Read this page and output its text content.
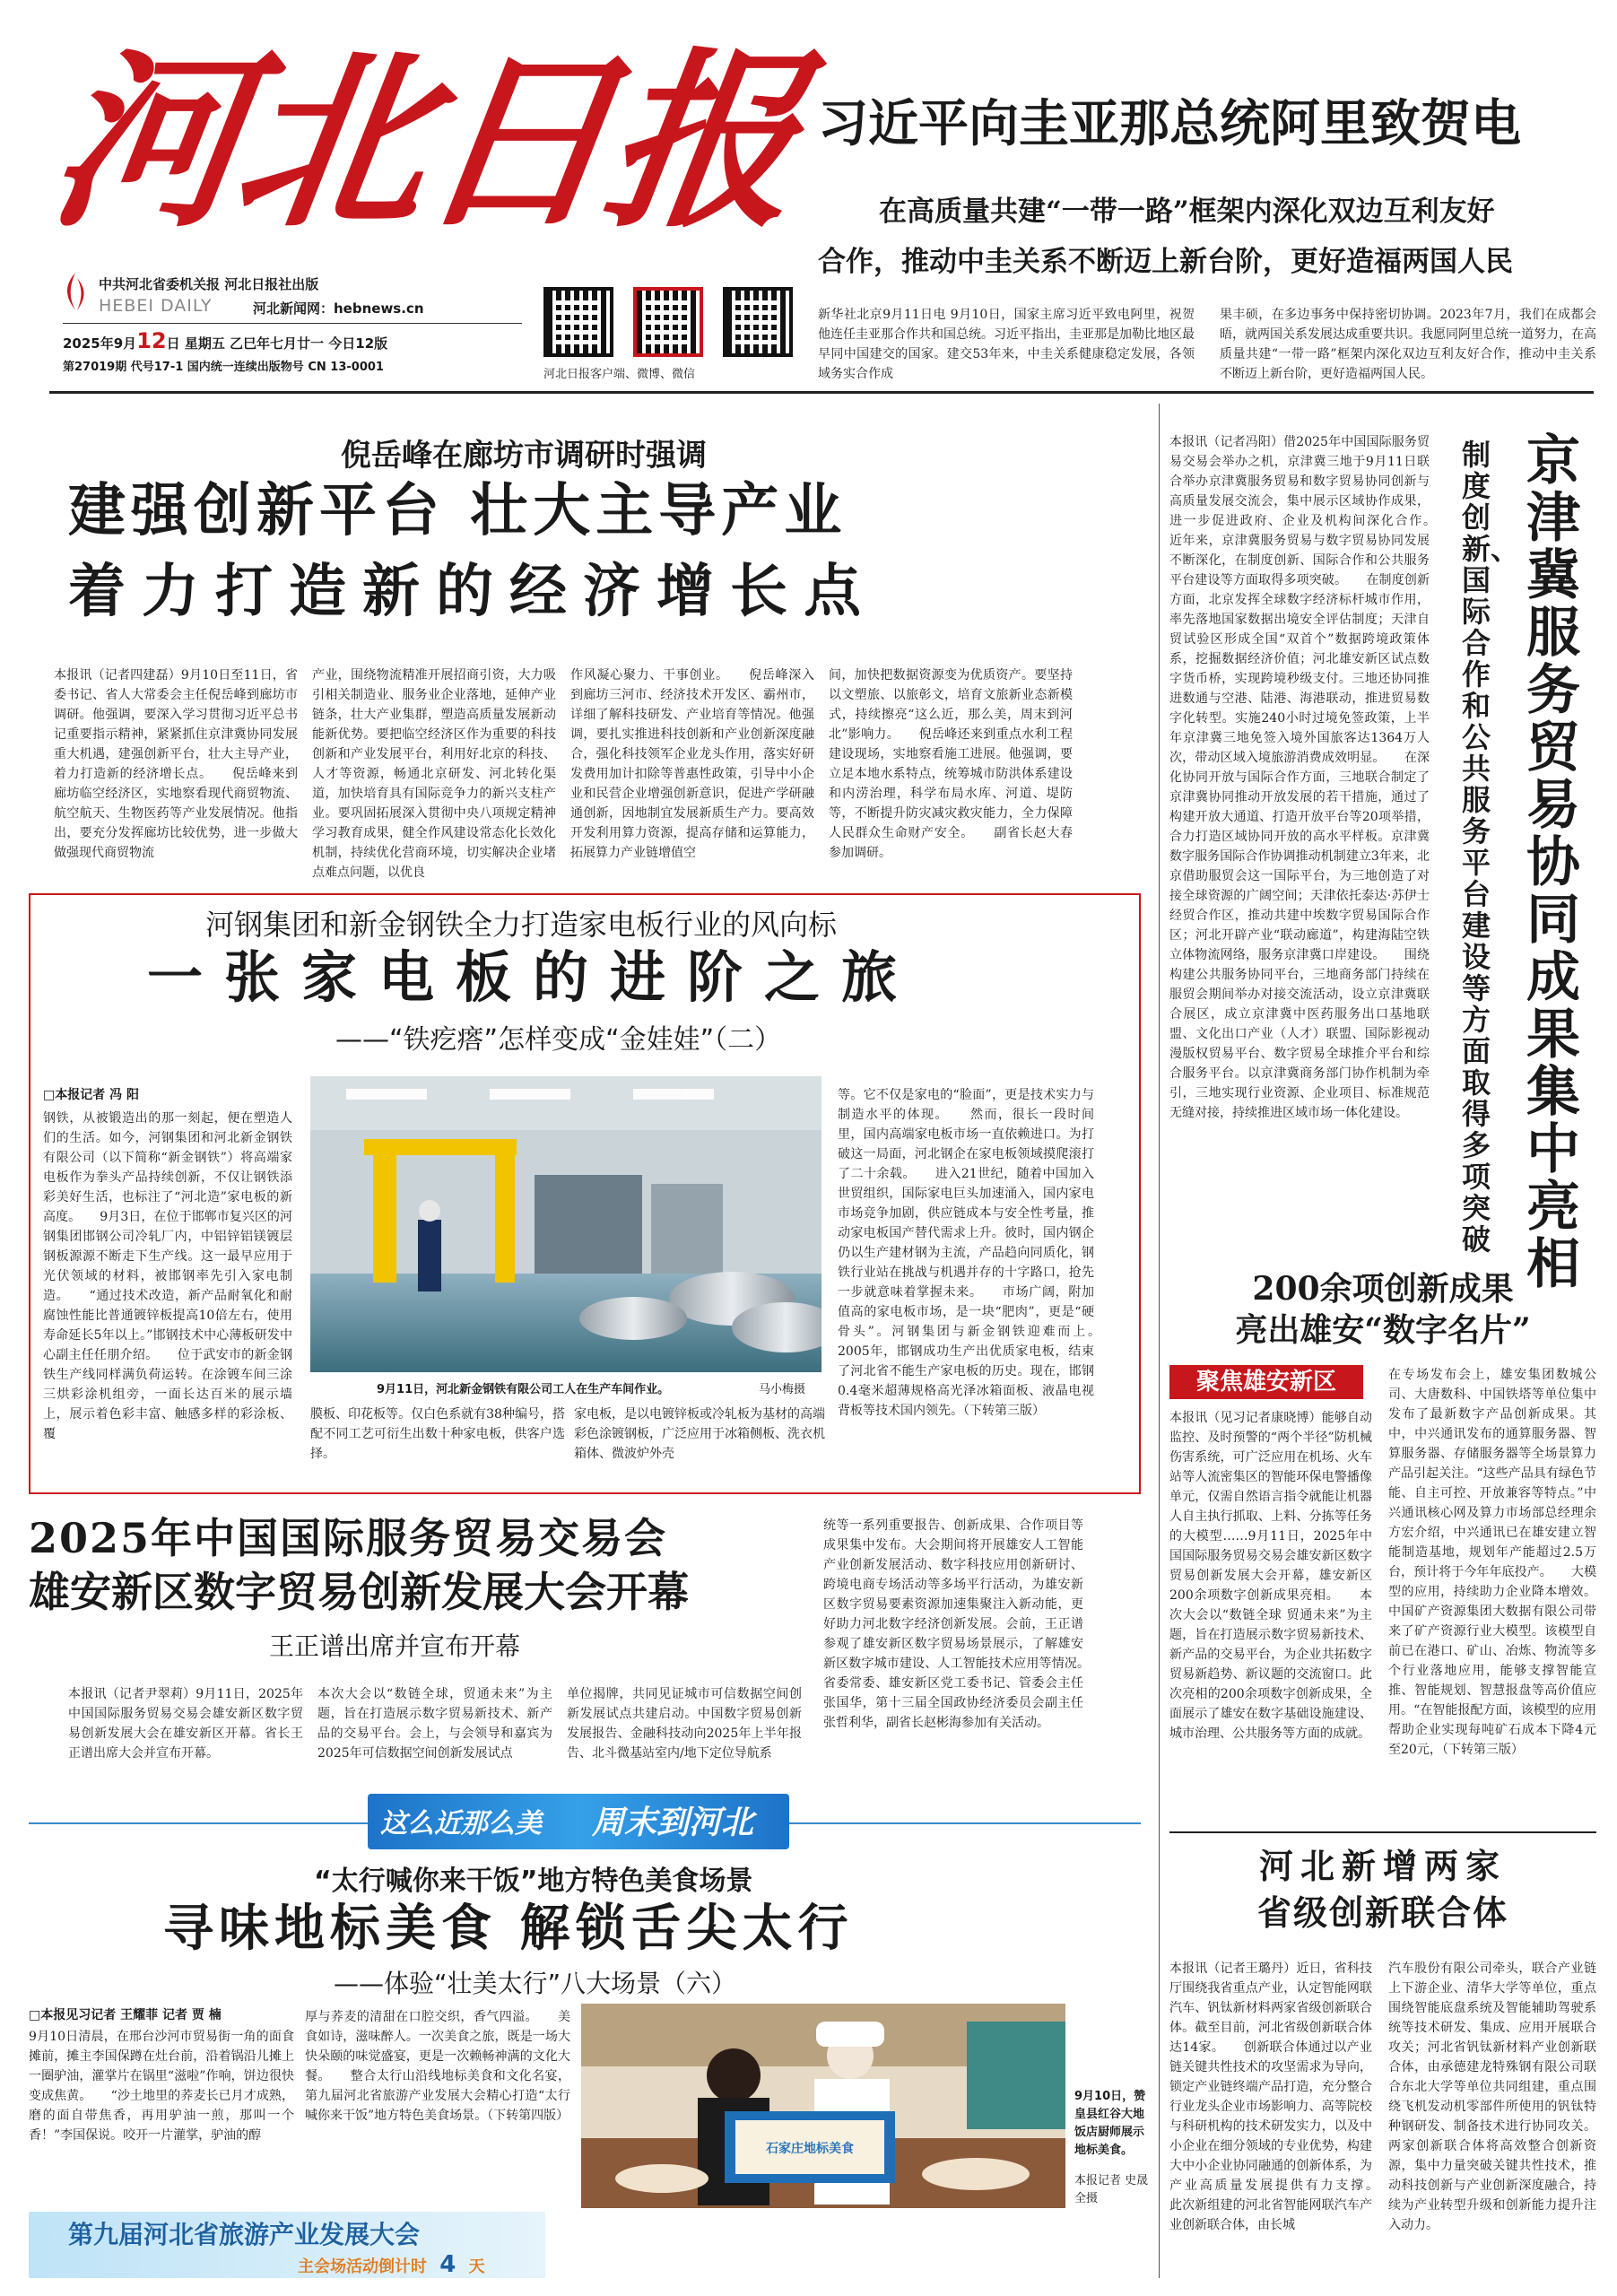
河北日报
中共河北省委机关报 河北日报社出版
HEBEI DAILY	河北新闻网：hebnews.cn
2025年9月12日 星期五 乙巳年七月廿一 今日12版
第27019期 代号17-1 国内统一连续出版物号 CN 13-0001
河北日报客户端、微博、微信
习近平向圭亚那总统阿里致贺电
在高质量共建“一带一路”框架内深化双边互利友好
合作，推动中圭关系不断迈上新台阶，更好造福两国人民
新华社北京9月11日电 9月10日，国家主席习近平致电阿里，祝贺他连任圭亚那合作共和国总统。习近平指出，圭亚那是加勒比地区最早同中国建交的国家。建交53年来，中圭关系健康稳定发展，各领域务实合作成
果丰硕，在多边事务中保持密切协调。2023年7月，我们在成都会晤，就两国关系发展达成重要共识。我愿同阿里总统一道努力，在高质量共建“一带一路”框架内深化双边互利友好合作，推动中圭关系不断迈上新台阶，更好造福两国人民。
倪岳峰在廊坊市调研时强调
建强创新平台 壮大主导产业
着力打造新的经济增长点
本报讯（记者四建磊）9月10日至11日，省委书记、省人大常委会主任倪岳峰到廊坊市调研。他强调，要深入学习贯彻习近平总书记重要指示精神，紧紧抓住京津冀协同发展重大机遇，建强创新平台，壮大主导产业，着力打造新的经济增长点。　　倪岳峰来到廊坊临空经济区，实地察看现代商贸物流、航空航天、生物医药等产业发展情况。他指出，要充分发挥廊坊比较优势，进一步做大做强现代商贸物流
产业，围绕物流精准开展招商引资，大力吸引相关制造业、服务业企业落地，延伸产业链条，壮大产业集群，塑造高质量发展新动能新优势。要把临空经济区作为重要的科技创新和产业发展平台，利用好北京的科技、人才等资源，畅通北京研发、河北转化渠道，加快培育具有国际竞争力的新兴支柱产业。要巩固拓展深入贯彻中央八项规定精神学习教育成果，健全作风建设常态化长效化机制，持续优化营商环境，切实解决企业堵点难点问题，以优良
作风凝心聚力、干事创业。　　倪岳峰深入到廊坊三河市、经济技术开发区、霸州市，详细了解科技研发、产业培育等情况。他强调，要扎实推进科技创新和产业创新深度融合，强化科技领军企业龙头作用，落实好研发费用加计扣除等普惠性政策，引导中小企业和民营企业增强创新意识，促进产学研融通创新，因地制宜发展新质生产力。要高效开发利用算力资源，提高存储和运算能力，拓展算力产业链增值空
间，加快把数据资源变为优质资产。要坚持以文塑旅、以旅彰文，培育文旅新业态新模式，持续擦亮“这么近，那么美，周末到河北”影响力。　　倪岳峰还来到重点水利工程建设现场，实地察看施工进展。他强调，要立足本地水系特点，统筹城市防洪体系建设和内涝治理，科学布局水库、河道、堤防等，不断提升防灾减灾救灾能力，全力保障人民群众生命财产安全。　　副省长赵大春参加调研。
本报讯（记者冯阳）借2025年中国国际服务贸易交易会举办之机，京津冀三地于9月11日联合举办京津冀服务贸易和数字贸易协同创新与高质量发展交流会，集中展示区域协作成果，进一步促进政府、企业及机构间深化合作。　　近年来，京津冀服务贸易与数字贸易协同发展不断深化，在制度创新、国际合作和公共服务平台建设等方面取得多项突破。　　在制度创新方面，北京发挥全球数字经济标杆城市作用，率先落地国家数据出境安全评估制度；天津自贸试验区形成全国“双首个”数据跨境政策体系，挖掘数据经济价值；河北雄安新区试点数字货币桥，实现跨境秒级支付。三地还协同推进数通与空港、陆港、海港联动，推进贸易数字化转型。实施240小时过境免签政策，上半年京津冀三地免签入境外国旅客达1364万人次，带动区域入境旅游消费成效明显。　　在深化协同开放与国际合作方面，三地联合制定了京津冀协同推动开放发展的若干措施，通过了构建开放大通道、打造开放平台等20项举措，合力打造区域协同开放的高水平样板。京津冀数字服务国际合作协调推动机制建立3年来，北京借助服贸会这一国际平台，为三地创造了对接全球资源的广阔空间；天津依托泰达·苏伊士经贸合作区，推动共建中埃数字贸易国际合作区；河北开辟产业“联动廊道”，构建海陆空铁立体物流网络，服务京津冀口岸建设。　　围绕构建公共服务协同平台，三地商务部门持续在服贸会期间举办对接交流活动，设立京津冀联合展区，成立京津冀中医药服务出口基地联盟、文化出口产业（人才）联盟、国际影视动漫版权贸易平台、数字贸易全球推介平台和综合服务平台。以京津冀商务部门协作机制为牵引，三地实现行业资源、企业项目、标准规范无缝对接，持续推进区域市场一体化建设。
京津冀服务贸易协同成果集中亮相
制度创新、国际合作和公共服务平台建设等方面取得多项突破
河钢集团和新金钢铁全力打造家电板行业的风向标
一张家电板的进阶之旅
——“铁疙瘩”怎样变成“金娃娃”（二）
□本报记者 冯 阳
钢铁，从被锻造出的那一刻起，便在塑造人们的生活。如今，河钢集团和河北新金钢铁有限公司（以下简称“新金钢铁”）将高端家电板作为拳头产品持续创新，不仅让钢铁添彩美好生活，也标注了“河北造”家电板的新高度。　　9月3日，在位于邯郸市复兴区的河钢集团邯钢公司冷轧厂内，中铝锌铝镁镀层钢板源源不断走下生产线。这一最早应用于光伏领域的材料，被邯钢率先引入家电制造。　　“通过技术改造，新产品耐氧化和耐腐蚀性能比普通镀锌板提高10倍左右，使用寿命延长5年以上。”邯钢技术中心薄板研发中心副主任任朋介绍。　　位于武安市的新金钢铁生产线同样满负荷运转。在涂镀车间三涂三烘彩涂机组旁，一面长达百米的展示墙上，展示着色彩丰富、触感多样的彩涂板、覆
9月11日，河北新金钢铁有限公司工人在生产车间作业。	马小梅摄
膜板、印花板等。仅白色系就有38种编号，搭配不同工艺可衍生出数十种家电板，供客户选择。
家电板，是以电镀锌板或冷轧板为基材的高端彩色涂镀钢板，广泛应用于冰箱侧板、洗衣机箱体、微波炉外壳
等。它不仅是家电的“脸面”，更是技术实力与制造水平的体现。　　然而，很长一段时间里，国内高端家电板市场一直依赖进口。为打破这一局面，河北钢企在家电板领域摸爬滚打了二十余载。　　进入21世纪，随着中国加入世贸组织，国际家电巨头加速涌入，国内家电市场竞争加剧，供应链成本与安全性考量，推动家电板国产替代需求上升。彼时，国内钢企仍以生产建材钢为主流，产品趋向同质化，钢铁行业站在挑战与机遇并存的十字路口，抢先一步就意味着掌握未来。　　市场广阔，附加值高的家电板市场，是一块“肥肉”，更是“硬骨头”。河钢集团与新金钢铁迎难而上。　　2005年，邯钢成功生产出优质家电板，结束了河北省不能生产家电板的历史。现在，邯钢0.4毫米超薄规格高光泽冰箱面板、液晶电视背板等技术国内领先。（下转第三版）
200余项创新成果
亮出雄安“数字名片”
聚焦雄安新区
本报讯（见习记者康晓博）能够自动监控、及时预警的“两个半径”防机械伤害系统，可广泛应用在机场、火车站等人流密集区的智能环保电警播像单元，仅需自然语言指令就能让机器人自主执行抓取、上料、分拣等任务的大模型……9月11日，2025年中国国际服务贸易交易会雄安新区数字贸易创新发展大会开幕，雄安新区200余项数字创新成果亮相。　　本次大会以“数链全球 贸通未来”为主题，旨在打造展示数字贸易新技术、新产品的交易平台，为企业共拓数字贸易新趋势、新议题的交流窗口。此次亮相的200余项数字创新成果，全面展示了雄安在数字基础设施建设、城市治理、公共服务等方面的成就。
在专场发布会上，雄安集团数城公司、大唐数科、中国铁塔等单位集中发布了最新数字产品创新成果。其中，中兴通讯发布的通算服务器、智算服务器、存储服务器等全场景算力产品引起关注。“这些产品具有绿色节能、自主可控、开放兼容等特点。”中兴通讯核心网及算力市场部总经理余方宏介绍，中兴通讯已在雄安建立智能制造基地，规划年产能超过2.5万台，预计将于今年年底投产。　　大模型的应用，持续助力企业降本增效。中国矿产资源集团大数据有限公司带来了矿产资源行业大模型。该模型自前已在港口、矿山、冶炼、物流等多个行业落地应用，能够支撑智能宣推、智能规划、智慧报盘等高价值应用。“在智能报配方面，该模型的应用帮助企业实现每吨矿石成本下降4元至20元，（下转第三版）
2025年中国国际服务贸易交易会
雄安新区数字贸易创新发展大会开幕
王正谱出席并宣布开幕
本报讯（记者尹翠莉）9月11日，2025年中国国际服务贸易交易会雄安新区数字贸易创新发展大会在雄安新区开幕。省长王正谱出席大会并宣布开幕。
本次大会以“数链全球，贸通未来”为主题，旨在打造展示数字贸易新技术、新产品的交易平台。会上，与会领导和嘉宾为2025年可信数据空间创新发展试点
单位揭牌，共同见证城市可信数据空间创新发展试点共建启动。中国数字贸易创新发展报告、金融科技动向2025年上半年报告、北斗微基站室内/地下定位导航系
统等一系列重要报告、创新成果、合作项目等成果集中发布。大会期间将开展雄安人工智能产业创新发展活动、数字科技应用创新研讨、跨境电商专场活动等多场平行活动，为雄安新区数字贸易要素资源加速集聚注入新动能，更好助力河北数字经济创新发展。会前，王正谱参观了雄安新区数字贸易场景展示，了解雄安新区数字城市建设、人工智能技术应用等情况。　　省委常委、雄安新区党工委书记、管委会主任张国华，第十三届全国政协经济委员会副主任张哲利华，副省长赵彬海参加有关活动。
这么近那么美 周末到河北
“太行喊你来干饭”地方特色美食场景
寻味地标美食 解锁舌尖太行
——体验“壮美太行”八大场景（六）
□本报见习记者 王耀菲 记者 贾 楠
9月10日清晨，在邢台沙河市贸易街一角的面食摊前，摊主李国保蹲在灶台前，沿着锅沿儿摊上一圈驴油，灌掌片在锅里“滋啦”作响，饼边很快变成焦黄。　　“沙土地里的荞麦长已月才成熟，磨的面自带焦香，再用驴油一煎，那叫一个香！”李国保说。咬开一片灌掌，驴油的醇
厚与荞麦的清甜在口腔交织，香气四溢。　　美食如诗，滋味醉人。一次美食之旅，既是一场大快朵颐的味觉盛宴，更是一次赖畅神满的文化大餐。　　整合太行山沿线地标美食和文化名宴，第九届河北省旅游产业发展大会精心打造“太行喊你来干饭”地方特色美食场景。（下转第四版）
石家庄地标美食
9月10日，赞皇县红谷大地饭店厨师展示地标美食。
本报记者 史晟全摄
第九届河北省旅游产业发展大会
主会场活动倒计时 4 天
河北新增两家
省级创新联合体
本报讯（记者王璐丹）近日，省科技厅围绕我省重点产业，认定智能网联汽车、钒钛新材料两家省级创新联合体。截至目前，河北省级创新联合体达14家。　　创新联合体通过以产业链关键共性技术的攻坚需求为导向，锁定产业链终端产品打造，充分整合行业龙头企业市场影响力、高等院校与科研机构的技术研发实力，以及中小企业在细分领域的专业优势，构建大中小企业协同融通的创新体系，为产业高质量发展提供有力支撑。　　此次新组建的河北省智能网联汽车产业创新联合体，由长城
汽车股份有限公司牵头，联合产业链上下游企业、清华大学等单位，重点围绕智能底盘系统及智能辅助驾驶系统等技术研发、集成、应用开展联合攻关；河北省钒钛新材料产业创新联合体，由承德建龙特殊钢有限公司联合东北大学等单位共同组建，重点围绕飞机发动机零部件所使用的钒钛特种钢研发、制备技术进行协同攻关。两家创新联合体将高效整合创新资源，集中力量突破关键共性技术，推动科技创新与产业创新深度融合，持续为产业转型升级和创新能力提升注入动力。
